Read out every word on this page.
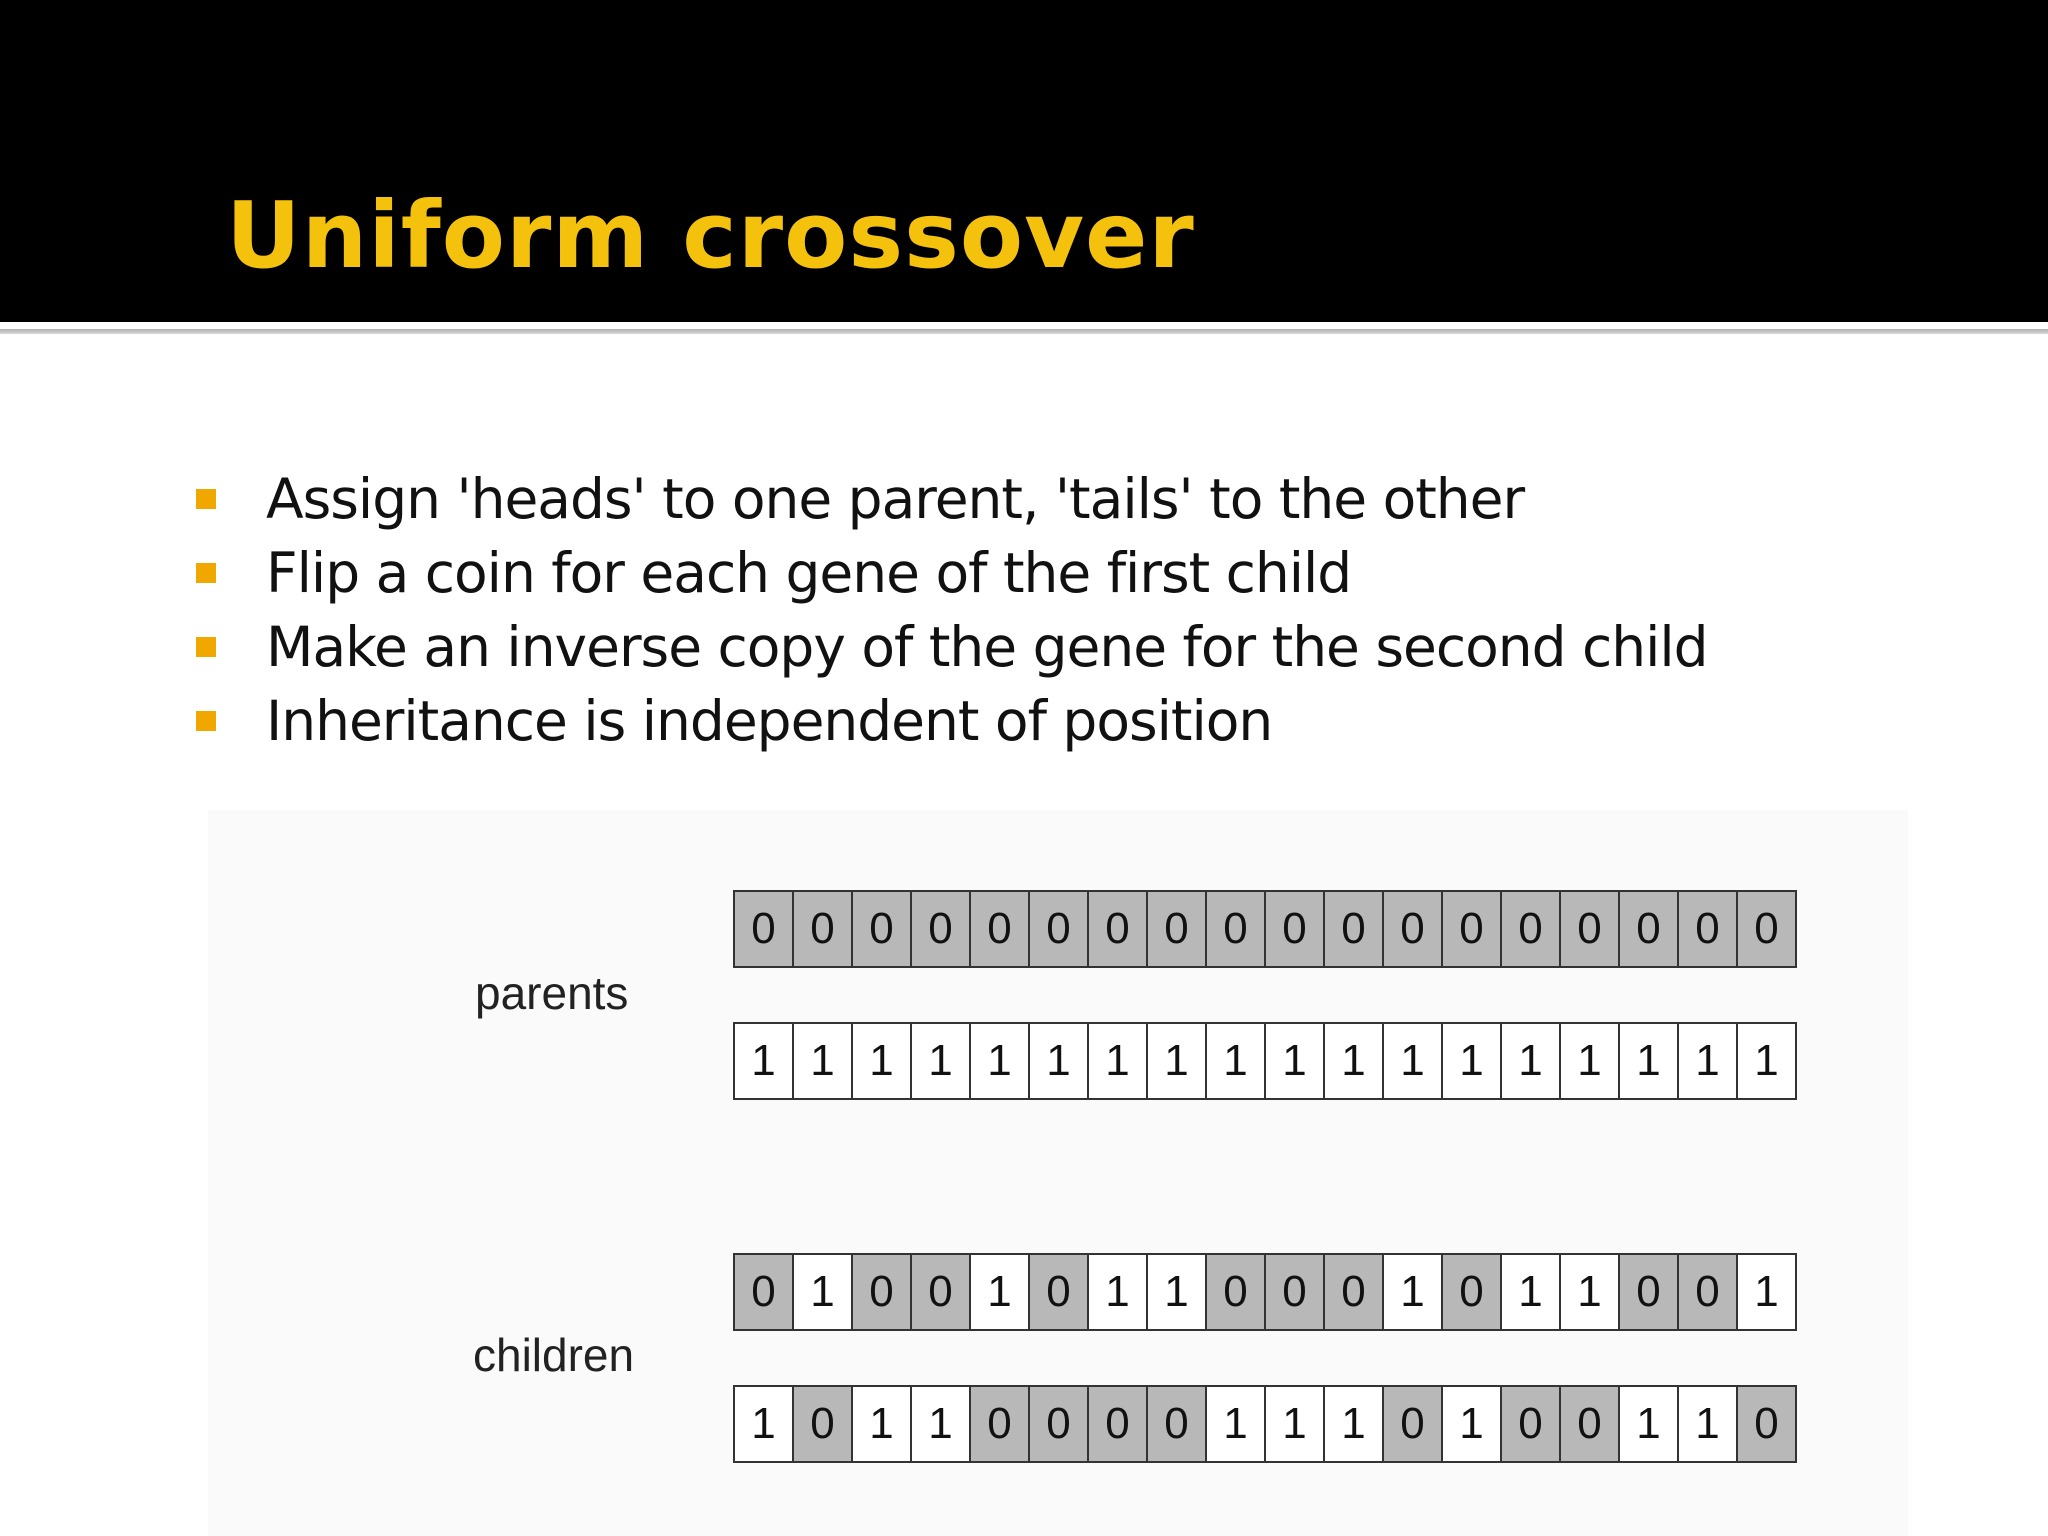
Uniform crossover
Assign 'heads' to one parent, 'tails' to the other
Flip a coin for each gene of the first child
Make an inverse copy of the gene for the second child
Inheritance is independent of position
parents
children
0 0 0 0 0 0 0 0 0 0 0 0 0 0 0 0 0 0
1 1 1 1 1 1 1 1 1 1 1 1 1 1 1 1 1 1
0 1 0 0 1 0 1 1 0 0 0 1 0 1 1 0 0 1
1 0 1 1 0 0 0 0 1 1 1 0 1 0 0 1 1 0
